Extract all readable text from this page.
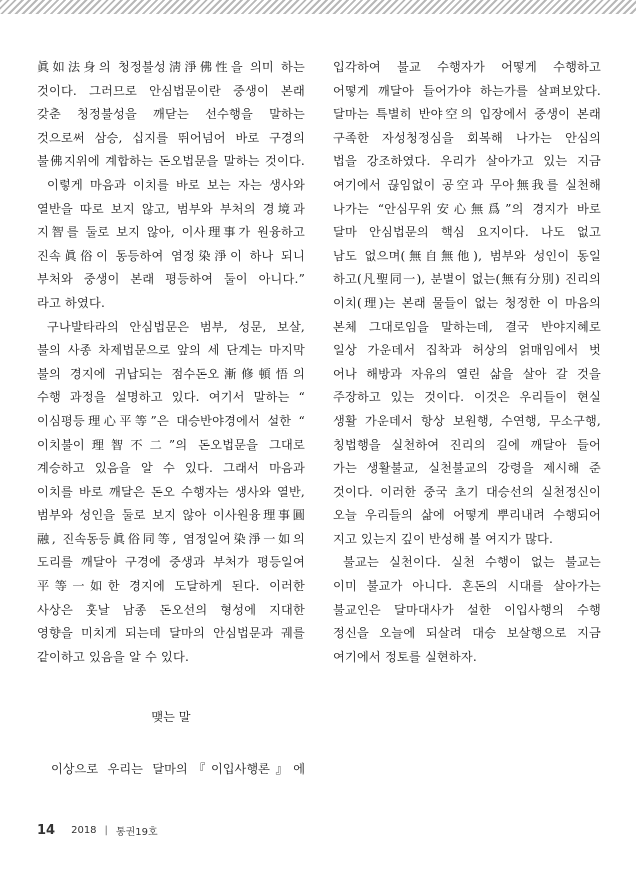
眞如法身의 청정불성淸淨佛性을 의미 하는
것이다. 그러므로 안심법문이란 중생이 본래
갖춘 청정불성을 깨닫는 선수행을 말하는
것으로써 삼승, 십지를 뛰어넘어 바로 구경의
불佛지위에 계합하는 돈오법문을 말하는 것이다.
이렇게 마음과 이치를 바로 보는 자는 생사와
열반을 따로 보지 않고, 범부와 부처의 경境과
지智를 둘로 보지 않아, 이사理事가 원융하고
진속眞俗이 동등하여 염정染淨이 하나 되니
부처와 중생이 본래 평등하여 둘이 아니다.”
라고 하였다.
구나발타라의 안심법문은 범부, 성문, 보살,
불의 사종 차제법문으로 앞의 세 단계는 마지막
불의 경지에 귀납되는 점수돈오漸修頓悟의
수행 과정을 설명하고 있다. 여기서 말하는 “
이심평등理心平等”은 대승반야경에서 설한 “
이치불이理智不二”의 돈오법문을 그대로
계승하고 있음을 알 수 있다. 그래서 마음과
이치를 바로 깨달은 돈오 수행자는 생사와 열반,
범부와 성인을 둘로 보지 않아 이사원융理事圓
融, 진속동등眞俗同等, 염정일여染淨一如의
도리를 깨달아 구경에 중생과 부처가 평등일여
平等一如한 경지에 도달하게 된다. 이러한
사상은 훗날 남종 돈오선의 형성에 지대한
영향을 미치게 되는데 달마의 안심법문과 궤를
같이하고 있음을 알 수 있다.
입각하여 불교 수행자가 어떻게 수행하고
어떻게 깨달아 들어가야 하는가를 살펴보았다.
달마는 특별히 반야空의 입장에서 중생이 본래
구족한 자성청정심을 회복해 나가는 안심의
법을 강조하였다. 우리가 살아가고 있는 지금
여기에서 끊임없이 공空과 무아無我를 실천해
나가는 “안심무위安心無爲”의 경지가 바로
달마 안심법문의 핵심 요지이다. 나도 없고
남도 없으며(無自無他), 범부와 성인이 동일
하고(凡聖同一), 분별이 없는(無有分別) 진리의
이치(理)는 본래 물들이 없는 청정한 이 마음의
본체 그대로임을 말하는데, 결국 반야지혜로
일상 가운데서 집착과 허상의 얽매임에서 벗
어나 해방과 자유의 열린 삶을 살아 갈 것을
주장하고 있는 것이다. 이것은 우리들이 현실
생활 가운데서 항상 보원행, 수연행, 무소구행,
칭법행을 실천하여 진리의 길에 깨달아 들어
가는 생활불교, 실천불교의 강령을 제시해 준
것이다. 이러한 중국 초기 대승선의 실천정신이
오늘 우리들의 삶에 어떻게 뿌리내려 수행되어
지고 있는지 깊이 반성해 볼 여지가 많다.
불교는 실천이다. 실천 수행이 없는 불교는
이미 불교가 아니다. 혼돈의 시대를 살아가는
불교인은 달마대사가 설한 이입사행의 수행
정신을 오늘에 되살려 대승 보살행으로 지금
여기에서 정토를 실현하자.
맺는 말
이상으로 우리는 달마의『이입사행론』에
14 2018 | 통권19호
